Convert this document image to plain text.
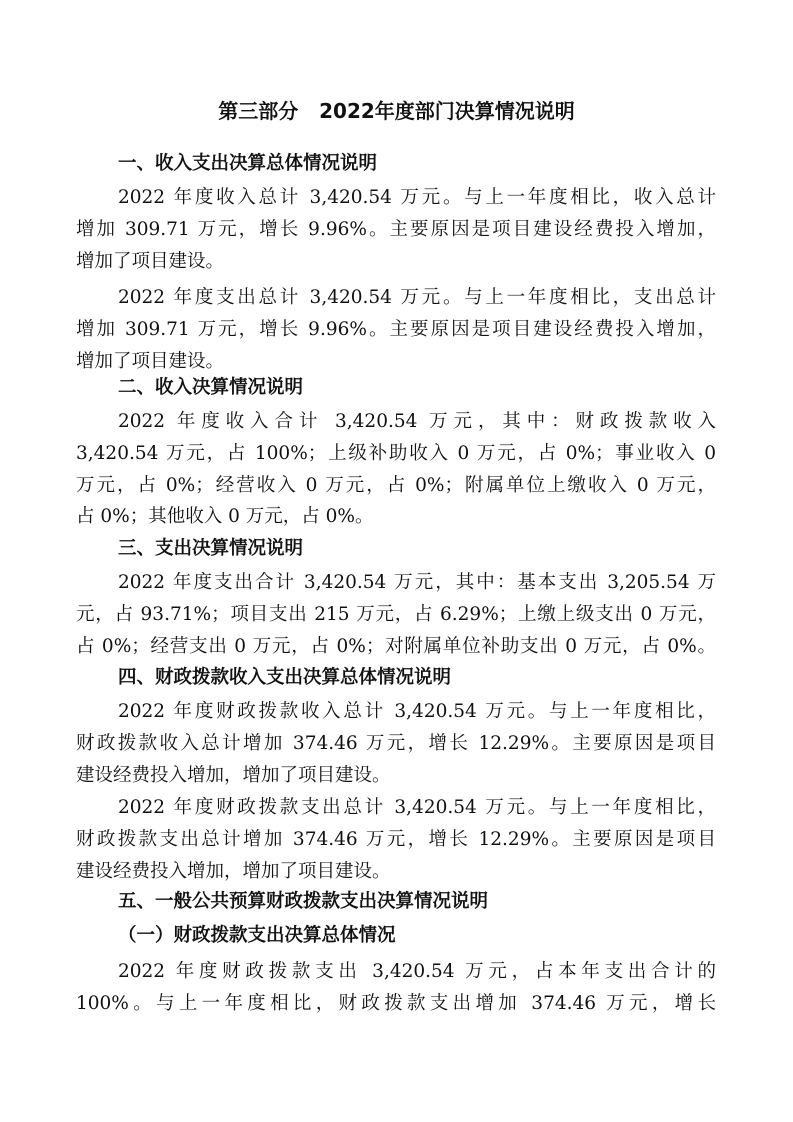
第三部分   2022年度部门决算情况说明
一、收入支出决算总体情况说明
2022 年度收入总计 3,420.54 万元。与上一年度相比，收入总计
增加 309.71 万元，增长 9.96%。主要原因是项目建设经费投入增加，
增加了项目建设。
2022 年度支出总计 3,420.54 万元。与上一年度相比，支出总计
增加 309.71 万元，增长 9.96%。主要原因是项目建设经费投入增加，
增加了项目建设。
二、收入决算情况说明
2022 年度收入合计 3,420.54 万元，其中：财政拨款收入
3,420.54 万元，占 100%；上级补助收入 0 万元，占 0%；事业收入 0
万元，占 0%；经营收入 0 万元，占 0%；附属单位上缴收入 0 万元，
占 0%；其他收入 0 万元，占 0%。
三、支出决算情况说明
2022 年度支出合计 3,420.54 万元，其中：基本支出 3,205.54 万
元，占 93.71%；项目支出 215 万元，占 6.29%；上缴上级支出 0 万元，
占 0%；经营支出 0 万元，占 0%；对附属单位补助支出 0 万元，占 0%。
四、财政拨款收入支出决算总体情况说明
2022 年度财政拨款收入总计 3,420.54 万元。与上一年度相比，
财政拨款收入总计增加 374.46 万元，增长 12.29%。主要原因是项目
建设经费投入增加，增加了项目建设。
2022 年度财政拨款支出总计 3,420.54 万元。与上一年度相比，
财政拨款支出总计增加 374.46 万元，增长 12.29%。主要原因是项目
建设经费投入增加，增加了项目建设。
五、一般公共预算财政拨款支出决算情况说明
（一）财政拨款支出决算总体情况
2022 年度财政拨款支出 3,420.54 万元，占本年支出合计的
100%。与上一年度相比，财政拨款支出增加 374.46 万元，增长
